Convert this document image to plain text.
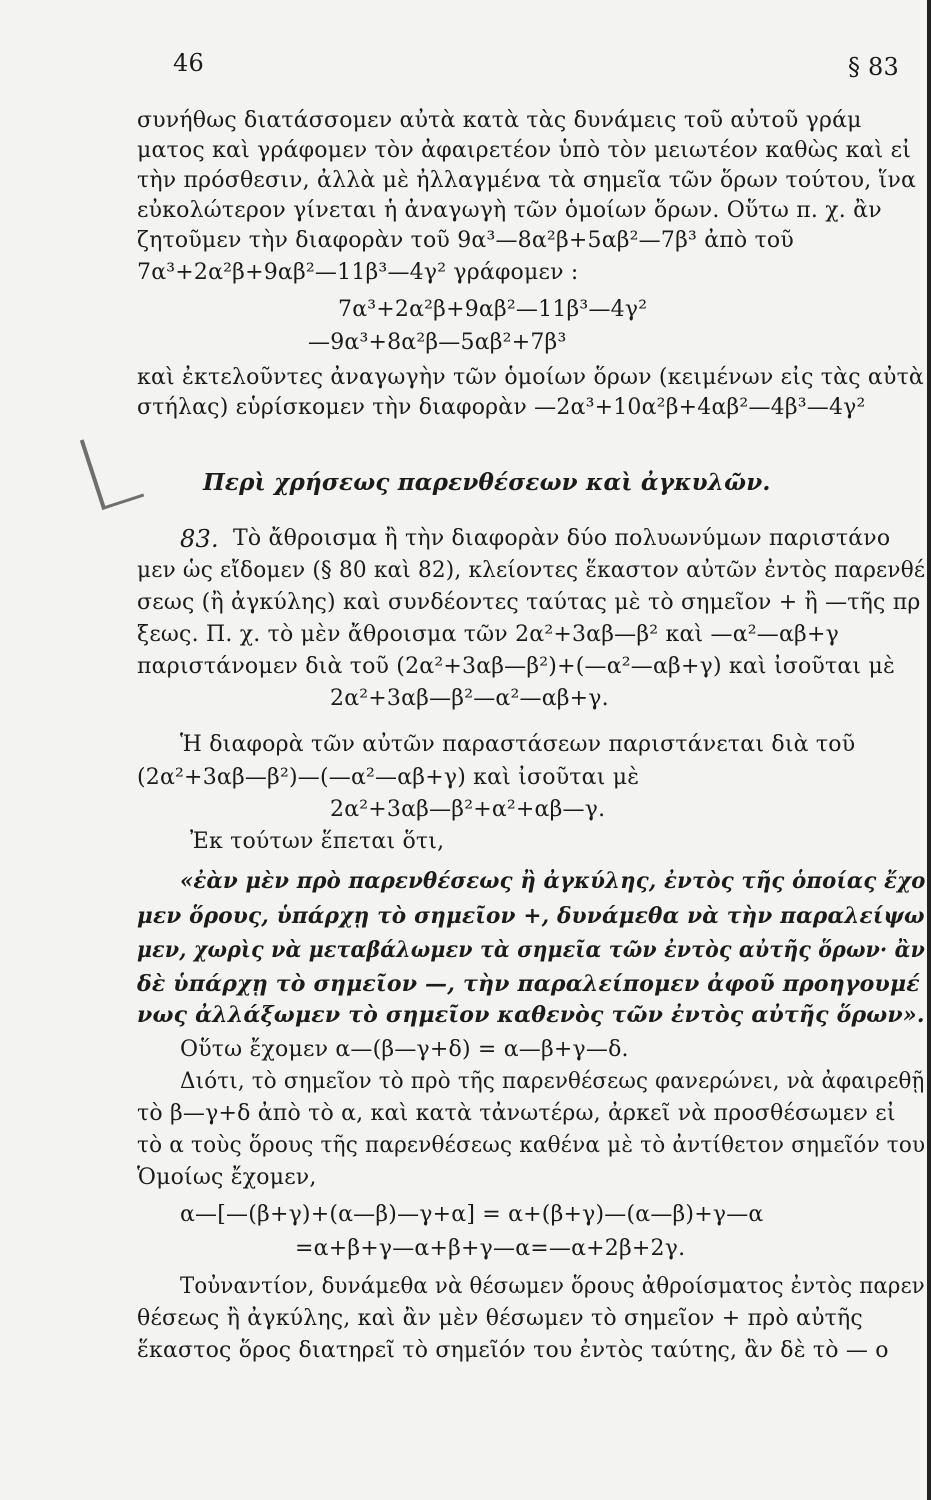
46	§ 83
συνήθως διατάσσομεν αὐτὰ κατὰ τὰς δυνάμεις τοῦ αὐτοῦ γράμ
ματος καὶ γράφομεν τὸν ἀφαιρετέον ὑπὸ τὸν μειωτέον καθὼς καὶ εἰ
τὴν πρόσθεσιν, ἀλλὰ μὲ ἠλλαγμένα τὰ σημεῖα τῶν ὅρων τούτου, ἵνα
εὐκολώτερον γίνεται ἡ ἀναγωγὴ τῶν ὁμοίων ὅρων. Οὕτω π. χ. ἂν
ζητοῦμεν τὴν διαφορὰν τοῦ 9α³—8α²β+5αβ²—7β³ ἀπὸ τοῦ
7α³+2α²β+9αβ²—11β³—4γ² γράφομεν :
7α³+2α²β+9αβ²—11β³—4γ²
—9α³+8α²β—5αβ²+7β³
καὶ ἐκτελοῦντες ἀναγωγὴν τῶν ὁμοίων ὅρων (κειμένων εἰς τὰς αὐτὰ
στήλας) εὑρίσκομεν τὴν διαφορὰν —2α³+10α²β+4αβ²—4β³—4γ²
Περὶ χρήσεως παρενθέσεων καὶ ἀγκυλῶν.
83. Τὸ ἄθροισμα ἢ τὴν διαφορὰν δύο πολυωνύμων παριστάνο
μεν ὡς εἴδομεν (§ 80 καὶ 82), κλείοντες ἕκαστον αὐτῶν ἐντὸς παρενθέ
σεως (ἢ ἀγκύλης) καὶ συνδέοντες ταύτας μὲ τὸ σημεῖον + ἢ —τῆς πρ
ξεως. Π. χ. τὸ μὲν ἄθροισμα τῶν 2α²+3αβ—β² καὶ —α²—αβ+γ
παριστάνομεν διὰ τοῦ (2α²+3αβ—β²)+(—α²—αβ+γ) καὶ ἰσοῦται μὲ
2α²+3αβ—β²—α²—αβ+γ.
Ἡ διαφορὰ τῶν αὐτῶν παραστάσεων παριστάνεται διὰ τοῦ
(2α²+3αβ—β²)—(—α²—αβ+γ) καὶ ἰσοῦται μὲ
2α²+3αβ—β²+α²+αβ—γ.
Ἐκ τούτων ἕπεται ὅτι,
«ἐὰν μὲν πρὸ παρενθέσεως ἢ ἀγκύλης, ἐντὸς τῆς ὁποίας ἔχο
μεν ὅρους, ὑπάρχῃ τὸ σημεῖον +, δυνάμεθα νὰ τὴν παραλείψω
μεν, χωρὶς νὰ μεταβάλωμεν τὰ σημεῖα τῶν ἐντὸς αὐτῆς ὅρων· ἂν
δὲ ὑπάρχῃ τὸ σημεῖον —, τὴν παραλείπομεν ἀφοῦ προηγουμέ
νως ἀλλάξωμεν τὸ σημεῖον καθενὸς τῶν ἐντὸς αὐτῆς ὅρων».
Οὕτω ἔχομεν α—(β—γ+δ) = α—β+γ—δ.
Διότι, τὸ σημεῖον τὸ πρὸ τῆς παρενθέσεως φανερώνει, νὰ ἀφαιρεθῇ
τὸ β—γ+δ ἀπὸ τὸ α, καὶ κατὰ τἀνωτέρω, ἀρκεῖ νὰ προσθέσωμεν εἰ
τὸ α τοὺς ὅρους τῆς παρενθέσεως καθένα μὲ τὸ ἀντίθετον σημεῖόν του
Ὁμοίως ἔχομεν,
α—[—(β+γ)+(α—β)—γ+α] = α+(β+γ)—(α—β)+γ—α
=α+β+γ—α+β+γ—α=—α+2β+2γ.
Τοὐναντίον, δυνάμεθα νὰ θέσωμεν ὅρους ἀθροίσματος ἐντὸς παρεν
θέσεως ἢ ἀγκύλης, καὶ ἂν μὲν θέσωμεν τὸ σημεῖον + πρὸ αὐτῆς
ἕκαστος ὅρος διατηρεῖ τὸ σημεῖόν του ἐντὸς ταύτης, ἂν δὲ τὸ — ο
